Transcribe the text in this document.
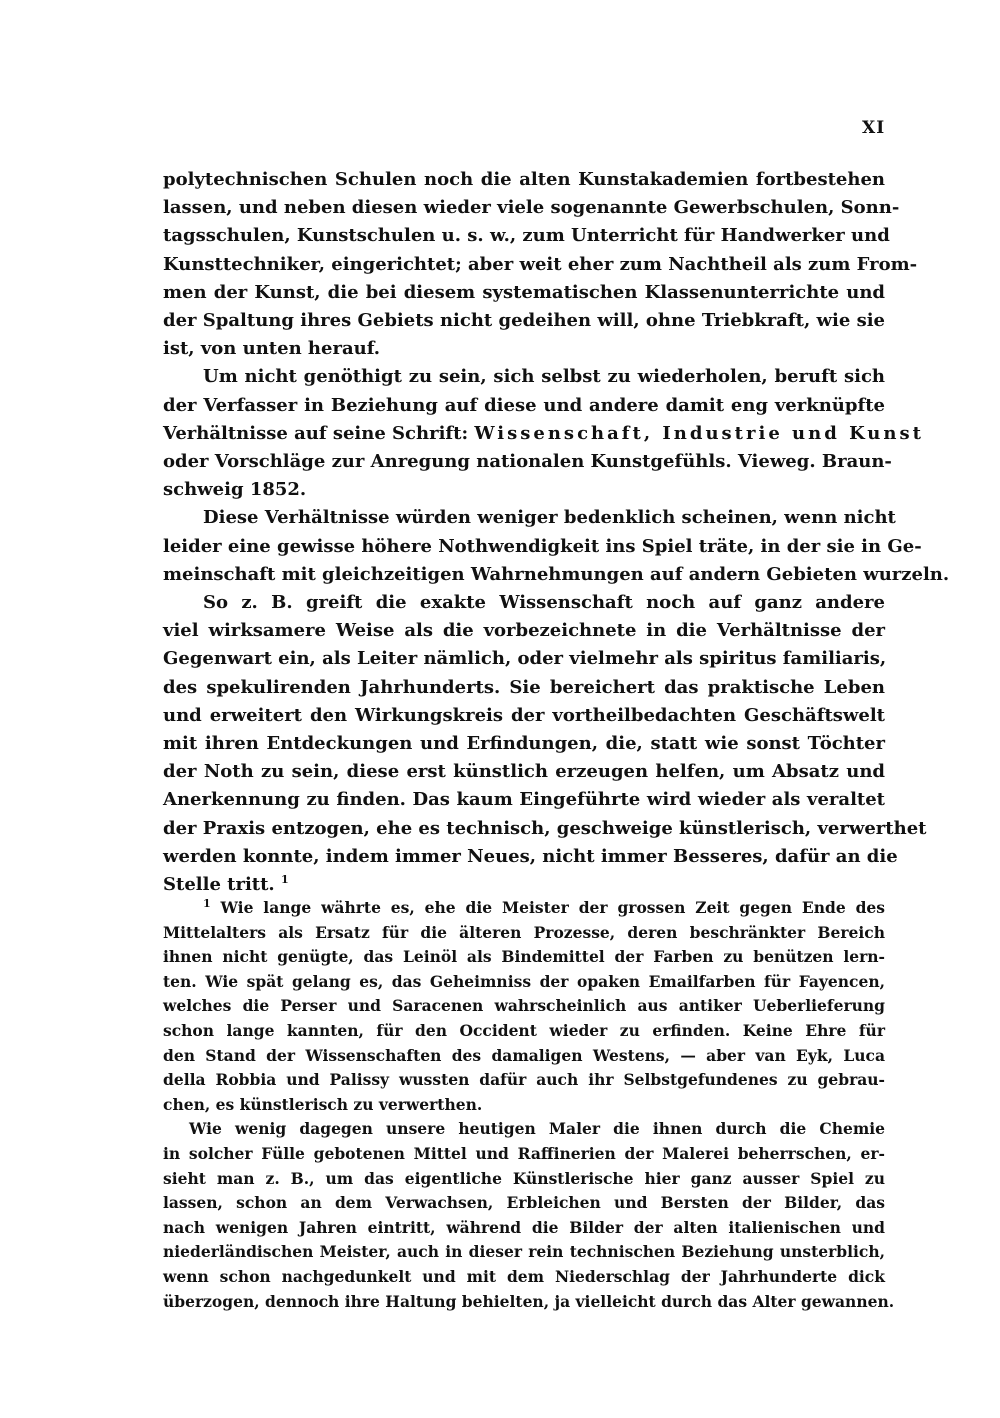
XI

polytechnischen Schulen noch die alten Kunstakademien fortbestehen
lassen, und neben diesen wieder viele sogenannte Gewerbschulen, Sonn-
tagsschulen, Kunstschulen u. s. w., zum Unterricht für Handwerker und
Kunsttechniker, eingerichtet; aber weit eher zum Nachtheil als zum From-
men der Kunst, die bei diesem systematischen Klassenunterrichte und
der Spaltung ihres Gebiets nicht gedeihen will, ohne Triebkraft, wie sie
ist, von unten herauf.

Um nicht genöthigt zu sein, sich selbst zu wiederholen, beruft sich
der Verfasser in Beziehung auf diese und andere damit eng verknüpfte
Verhältnisse auf seine Schrift: Wissenschaft, Industrie und Kunst
oder Vorschläge zur Anregung nationalen Kunstgefühls. Vieweg. Braun-
schweig 1852.

Diese Verhältnisse würden weniger bedenklich scheinen, wenn nicht
leider eine gewisse höhere Nothwendigkeit ins Spiel träte, in der sie in Ge-
meinschaft mit gleichzeitigen Wahrnehmungen auf andern Gebieten wurzeln.

So z. B. greift die exakte Wissenschaft noch auf ganz andere
viel wirksamere Weise als die vorbezeichnete in die Verhältnisse der
Gegenwart ein, als Leiter nämlich, oder vielmehr als spiritus familiaris,
des spekulirenden Jahrhunderts. Sie bereichert das praktische Leben
und erweitert den Wirkungskreis der vortheilbedachten Geschäftswelt
mit ihren Entdeckungen und Erfindungen, die, statt wie sonst Töchter
der Noth zu sein, diese erst künstlich erzeugen helfen, um Absatz und
Anerkennung zu finden. Das kaum Eingeführte wird wieder als veraltet
der Praxis entzogen, ehe es technisch, geschweige künstlerisch, verwerthet
werden konnte, indem immer Neues, nicht immer Besseres, dafür an die
Stelle tritt. $^1$

$^1$ Wie lange währte es, ehe die Meister der grossen Zeit gegen Ende des
Mittelalters als Ersatz für die älteren Prozesse, deren beschränkter Bereich
ihnen nicht genügte, das Leinöl als Bindemittel der Farben zu benützen lern-
ten. Wie spät gelang es, das Geheimniss der opaken Emailfarben für Fayencen,
welches die Perser und Saracenen wahrscheinlich aus antiker Ueberlieferung
schon lange kannten, für den Occident wieder zu erfinden. Keine Ehre für
den Stand der Wissenschaften des damaligen Westens, — aber van Eyk, Luca
della Robbia und Palissy wussten dafür auch ihr Selbstgefundenes zu gebrau-
chen, es künstlerisch zu verwerthen.

Wie wenig dagegen unsere heutigen Maler die ihnen durch die Chemie
in solcher Fülle gebotenen Mittel und Raffinerien der Malerei beherrschen, er-
sieht man z. B., um das eigentliche Künstlerische hier ganz ausser Spiel zu
lassen, schon an dem Verwachsen, Erbleichen und Bersten der Bilder, das
nach wenigen Jahren eintritt, während die Bilder der alten italienischen und
niederländischen Meister, auch in dieser rein technischen Beziehung unsterblich,
wenn schon nachgedunkelt und mit dem Niederschlag der Jahrhunderte dick
überzogen, dennoch ihre Haltung behielten, ja vielleicht durch das Alter gewannen.
